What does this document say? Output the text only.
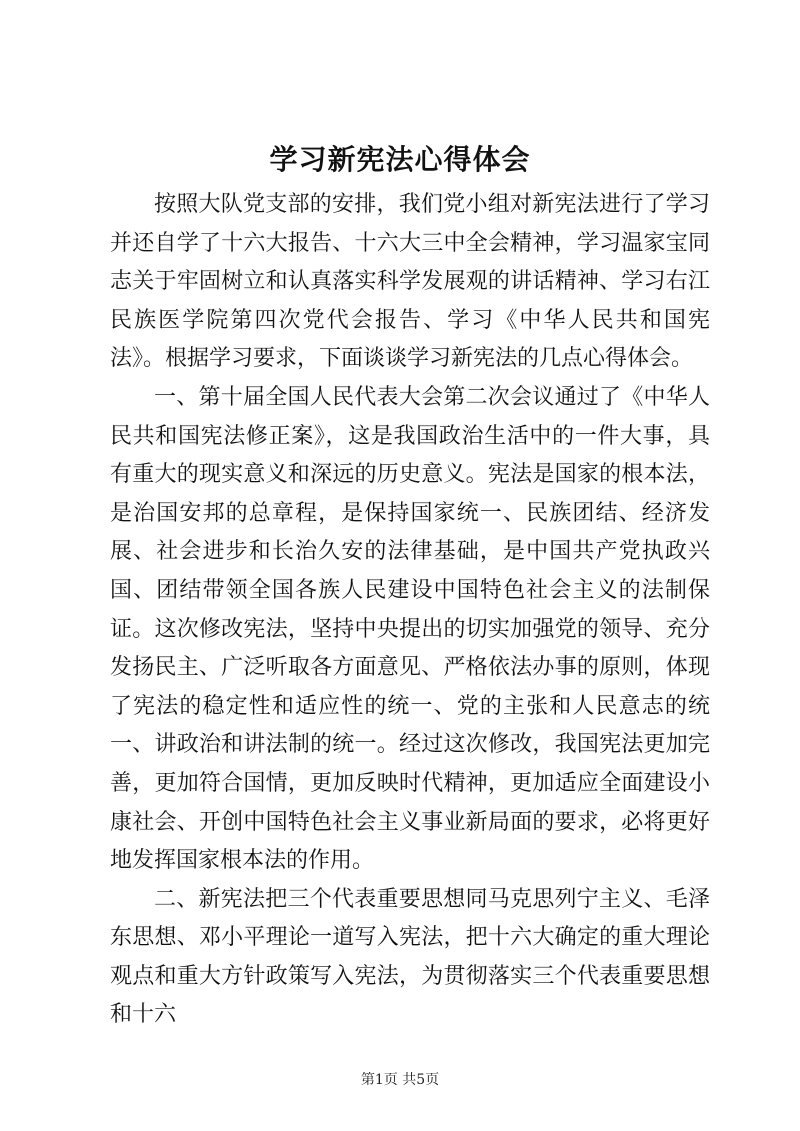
学习新宪法心得体会

按照大队党支部的安排，我们党小组对新宪法进行了学习并还自学了十六大报告、十六大三中全会精神，学习温家宝同志关于牢固树立和认真落实科学发展观的讲话精神、学习右江民族医学院第四次党代会报告、学习《中华人民共和国宪法》。根据学习要求，下面谈谈学习新宪法的几点心得体会。

一、第十届全国人民代表大会第二次会议通过了《中华人民共和国宪法修正案》，这是我国政治生活中的一件大事，具有重大的现实意义和深远的历史意义。宪法是国家的根本法，是治国安邦的总章程，是保持国家统一、民族团结、经济发展、社会进步和长治久安的法律基础，是中国共产党执政兴国、团结带领全国各族人民建设中国特色社会主义的法制保证。这次修改宪法，坚持中央提出的切实加强党的领导、充分发扬民主、广泛听取各方面意见、严格依法办事的原则，体现了宪法的稳定性和适应性的统一、党的主张和人民意志的统一、讲政治和讲法制的统一。经过这次修改，我国宪法更加完善，更加符合国情，更加反映时代精神，更加适应全面建设小康社会、开创中国特色社会主义事业新局面的要求，必将更好地发挥国家根本法的作用。

二、新宪法把三个代表重要思想同马克思列宁主义、毛泽东思想、邓小平理论一道写入宪法，把十六大确定的重大理论观点和重大方针政策写入宪法，为贯彻落实三个代表重要思想和十六

第1页 共5页
